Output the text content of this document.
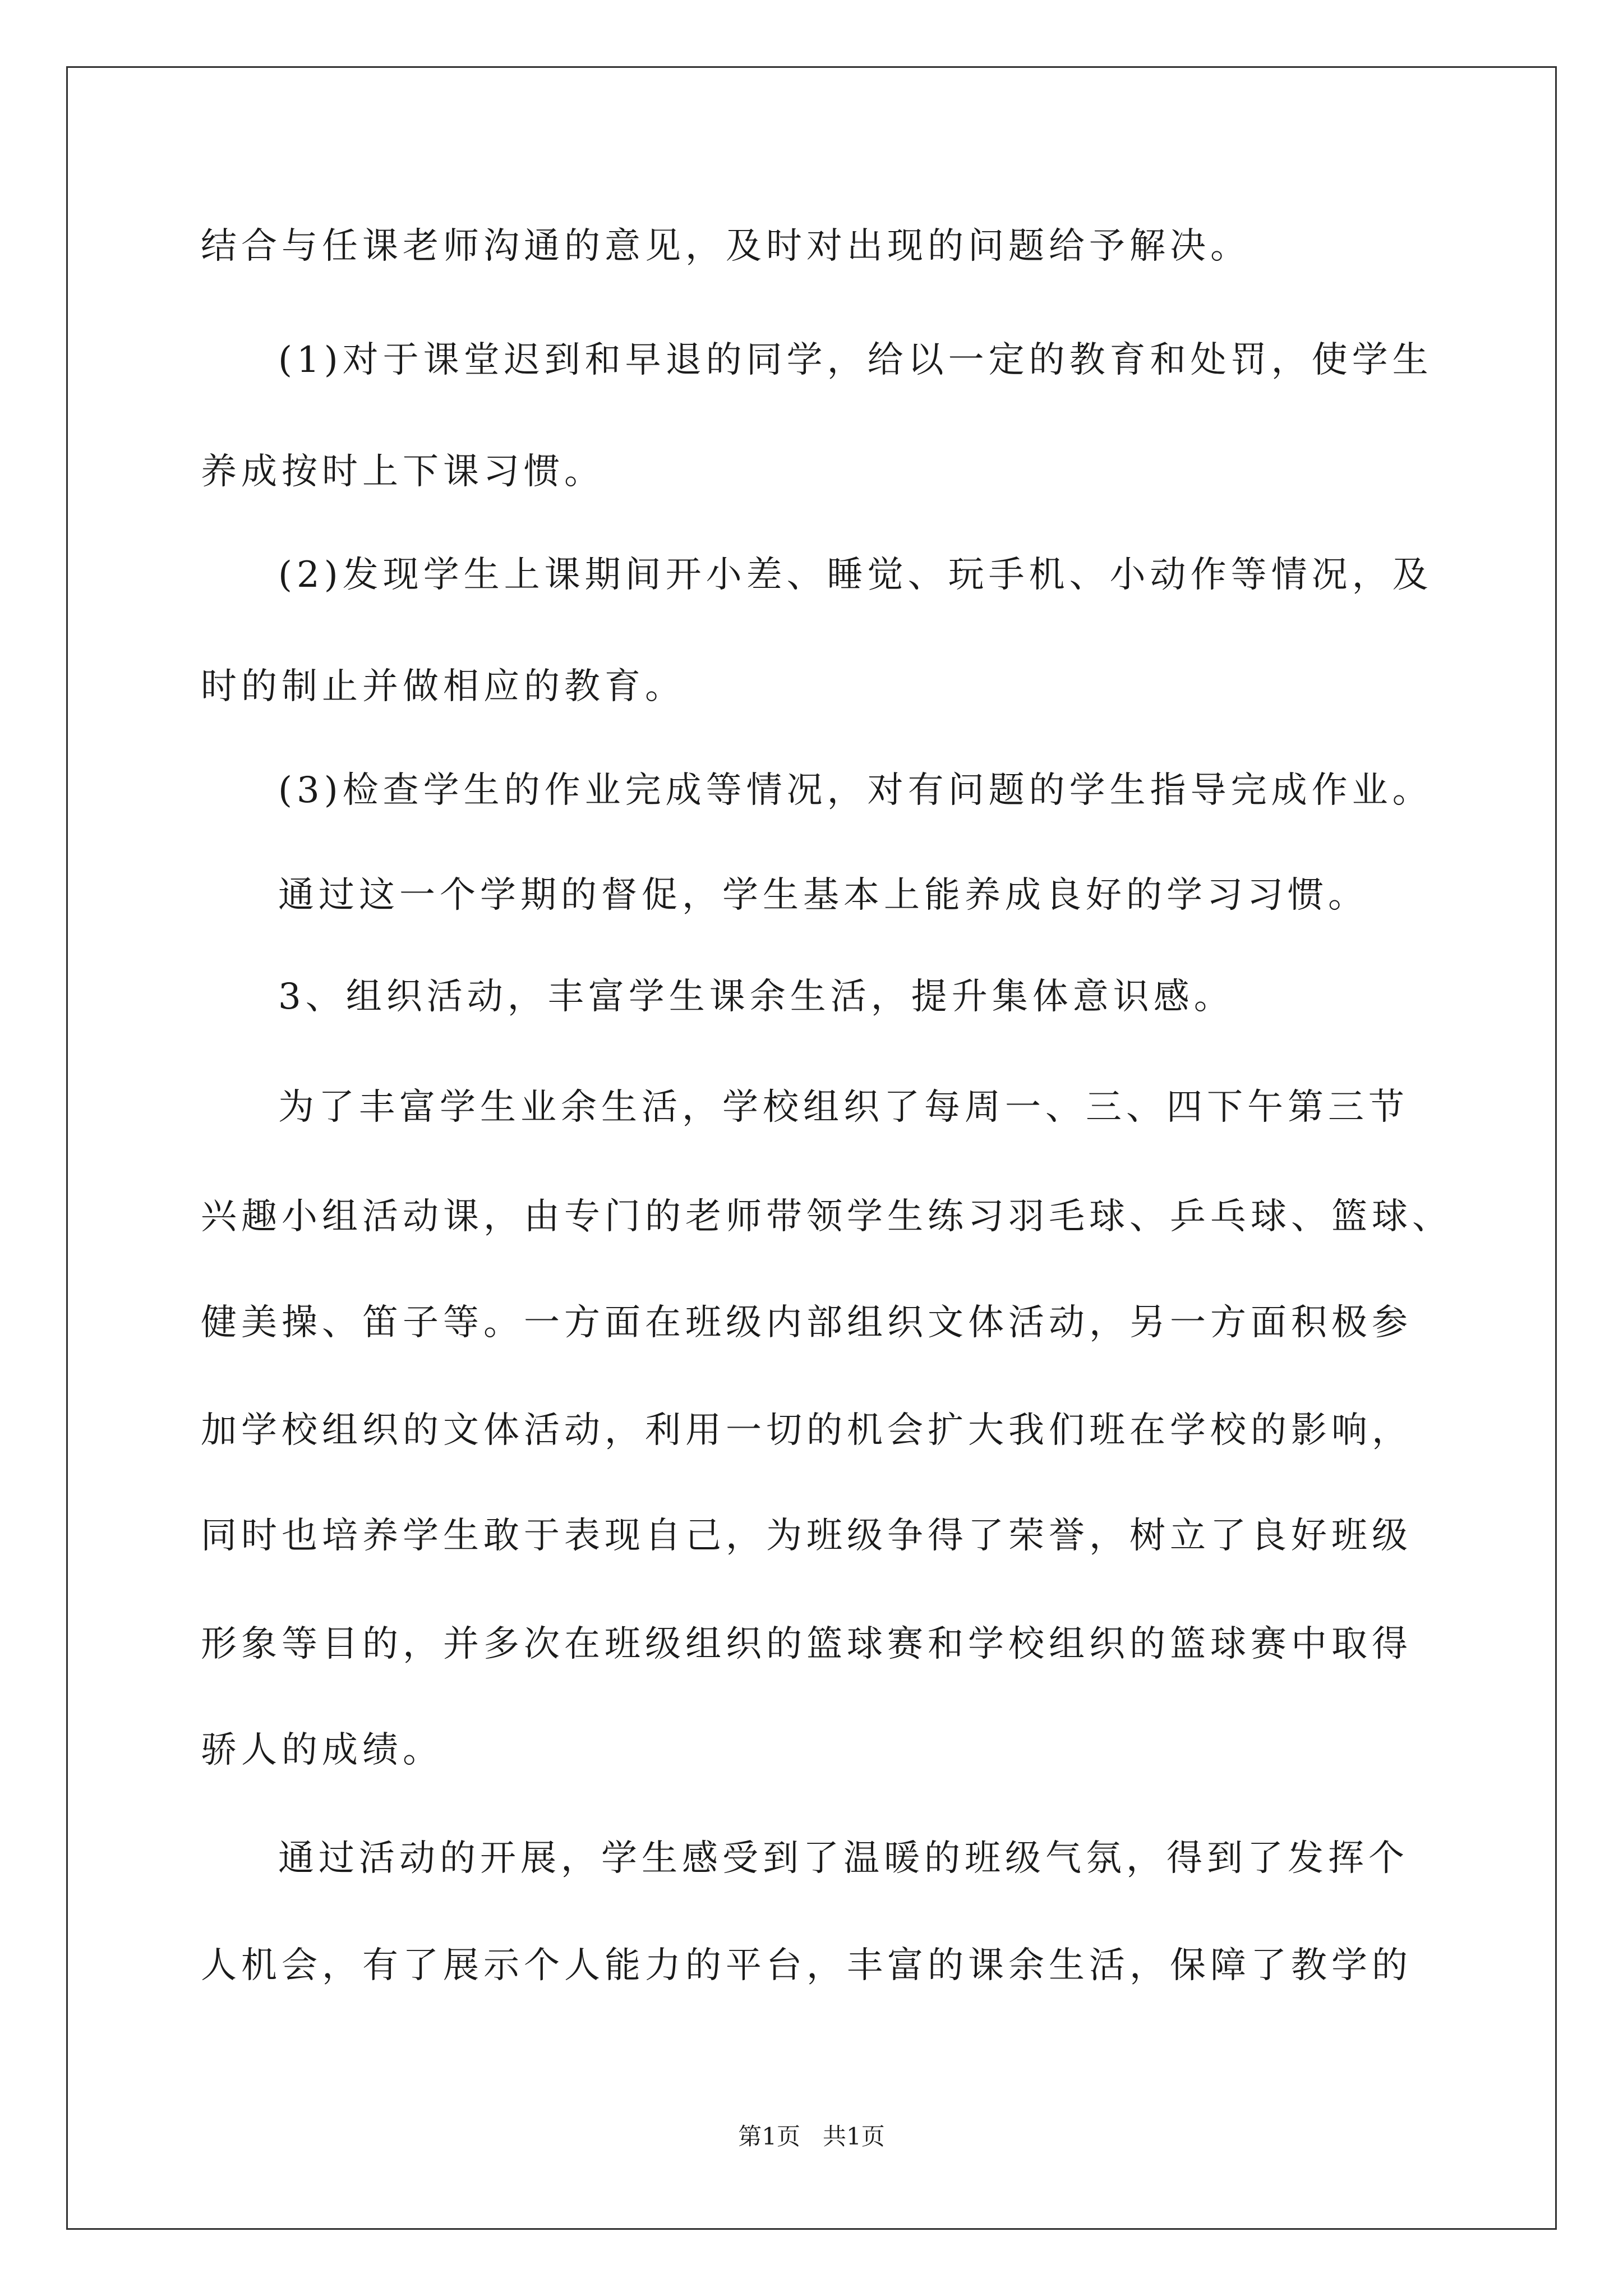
结合与任课老师沟通的意见，及时对出现的问题给予解决。
(1)对于课堂迟到和早退的同学，给以一定的教育和处罚，使学生
养成按时上下课习惯。
(2)发现学生上课期间开小差、睡觉、玩手机、小动作等情况，及
时的制止并做相应的教育。
(3)检查学生的作业完成等情况，对有问题的学生指导完成作业。
通过这一个学期的督促，学生基本上能养成良好的学习习惯。
3、组织活动，丰富学生课余生活，提升集体意识感。
为了丰富学生业余生活，学校组织了每周一、三、四下午第三节
兴趣小组活动课，由专门的老师带领学生练习羽毛球、乒乓球、篮球、
健美操、笛子等。一方面在班级内部组织文体活动，另一方面积极参
加学校组织的文体活动，利用一切的机会扩大我们班在学校的影响，
同时也培养学生敢于表现自己，为班级争得了荣誉，树立了良好班级
形象等目的，并多次在班级组织的篮球赛和学校组织的篮球赛中取得
骄人的成绩。
通过活动的开展，学生感受到了温暖的班级气氛，得到了发挥个
人机会，有了展示个人能力的平台，丰富的课余生活，保障了教学的
第1页   共1页
